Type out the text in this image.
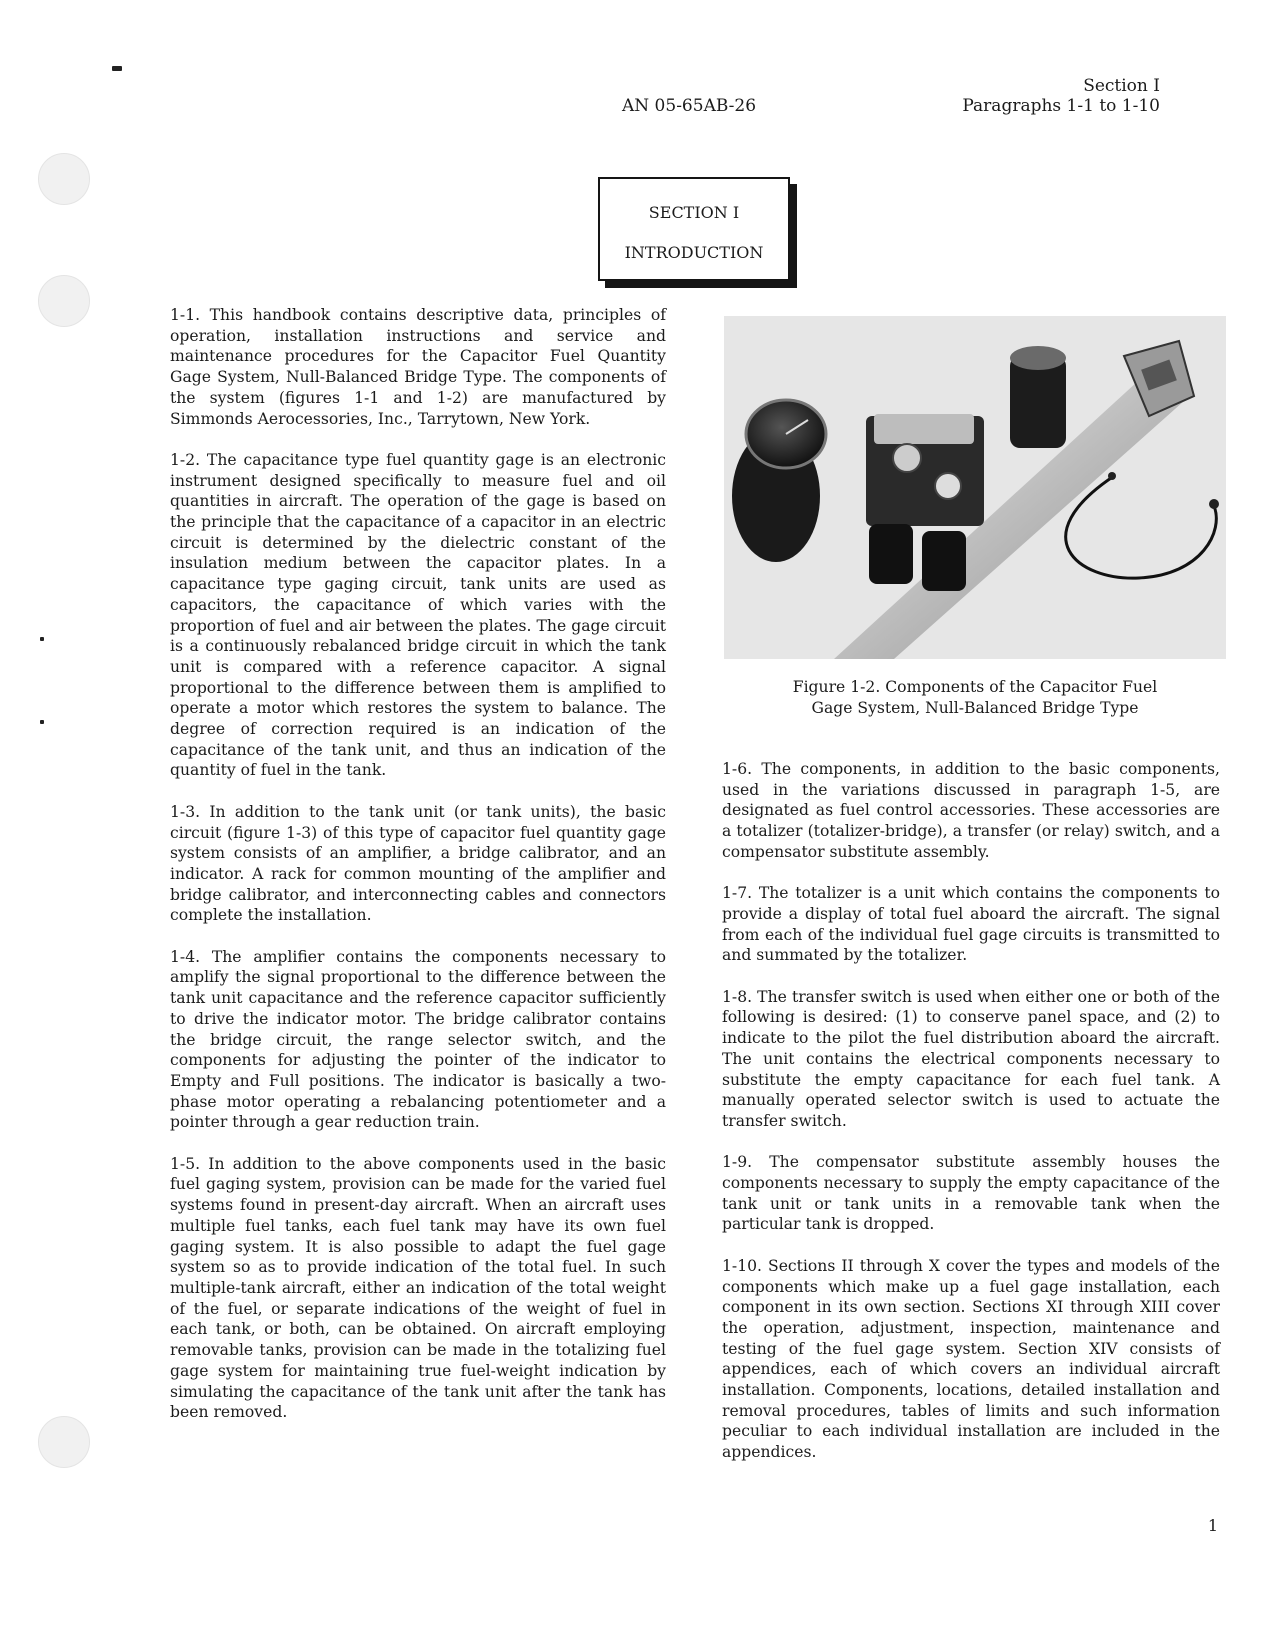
AN 05-65AB-26
Section I
Paragraphs 1-1 to 1-10
SECTION I
INTRODUCTION

1-1. This handbook contains descriptive data, principles of operation, installation instructions and service and maintenance procedures for the Capacitor Fuel Quantity Gage System, Null-Balanced Bridge Type. The components of the system (figures 1-1 and 1-2) are manufactured by Simmonds Aerocessories, Inc., Tarrytown, New York.

1-2. The capacitance type fuel quantity gage is an electronic instrument designed specifically to measure fuel and oil quantities in aircraft. The operation of the gage is based on the principle that the capacitance of a capacitor in an electric circuit is determined by the dielectric constant of the insulation medium between the capacitor plates. In a capacitance type gaging circuit, tank units are used as capacitors, the capacitance of which varies with the proportion of fuel and air between the plates. The gage circuit is a continuously rebalanced bridge circuit in which the tank unit is compared with a reference capacitor. A signal proportional to the difference between them is amplified to operate a motor which restores the system to balance. The degree of correction required is an indication of the capacitance of the tank unit, and thus an indication of the quantity of fuel in the tank.

1-3. In addition to the tank unit (or tank units), the basic circuit (figure 1-3) of this type of capacitor fuel quantity gage system consists of an amplifier, a bridge calibrator, and an indicator. A rack for common mounting of the amplifier and bridge calibrator, and interconnecting cables and connectors complete the installation.

1-4. The amplifier contains the components necessary to amplify the signal proportional to the difference between the tank unit capacitance and the reference capacitor sufficiently to drive the indicator motor. The bridge calibrator contains the bridge circuit, the range selector switch, and the components for adjusting the pointer of the indicator to Empty and Full positions. The indicator is basically a two-phase motor operating a rebalancing potentiometer and a pointer through a gear reduction train.

1-5. In addition to the above components used in the basic fuel gaging system, provision can be made for the varied fuel systems found in present-day aircraft. When an aircraft uses multiple fuel tanks, each fuel tank may have its own fuel gaging system. It is also possible to adapt the fuel gage system so as to provide indication of the total fuel. In such multiple-tank aircraft, either an indication of the total weight of the fuel, or separate indications of the weight of fuel in each tank, or both, can be obtained. On aircraft employing removable tanks, provision can be made in the totalizing fuel gage system for maintaining true fuel-weight indication by simulating the capacitance of the tank unit after the tank has been removed.

Figure 1-2. Components of the Capacitor Fuel
Gage System, Null-Balanced Bridge Type

1-6. The components, in addition to the basic components, used in the variations discussed in paragraph 1-5, are designated as fuel control accessories. These accessories are a totalizer (totalizer-bridge), a transfer (or relay) switch, and a compensator substitute assembly.

1-7. The totalizer is a unit which contains the components to provide a display of total fuel aboard the aircraft. The signal from each of the individual fuel gage circuits is transmitted to and summated by the totalizer.

1-8. The transfer switch is used when either one or both of the following is desired: (1) to conserve panel space, and (2) to indicate to the pilot the fuel distribution aboard the aircraft. The unit contains the electrical components necessary to substitute the empty capacitance for each fuel tank. A manually operated selector switch is used to actuate the transfer switch.

1-9. The compensator substitute assembly houses the components necessary to supply the empty capacitance of the tank unit or tank units in a removable tank when the particular tank is dropped.

1-10. Sections II through X cover the types and models of the components which make up a fuel gage installation, each component in its own section. Sections XI through XIII cover the operation, adjustment, inspection, maintenance and testing of the fuel gage system. Section XIV consists of appendices, each of which covers an individual aircraft installation. Components, locations, detailed installation and removal procedures, tables of limits and such information peculiar to each individual installation are included in the appendices.

1
